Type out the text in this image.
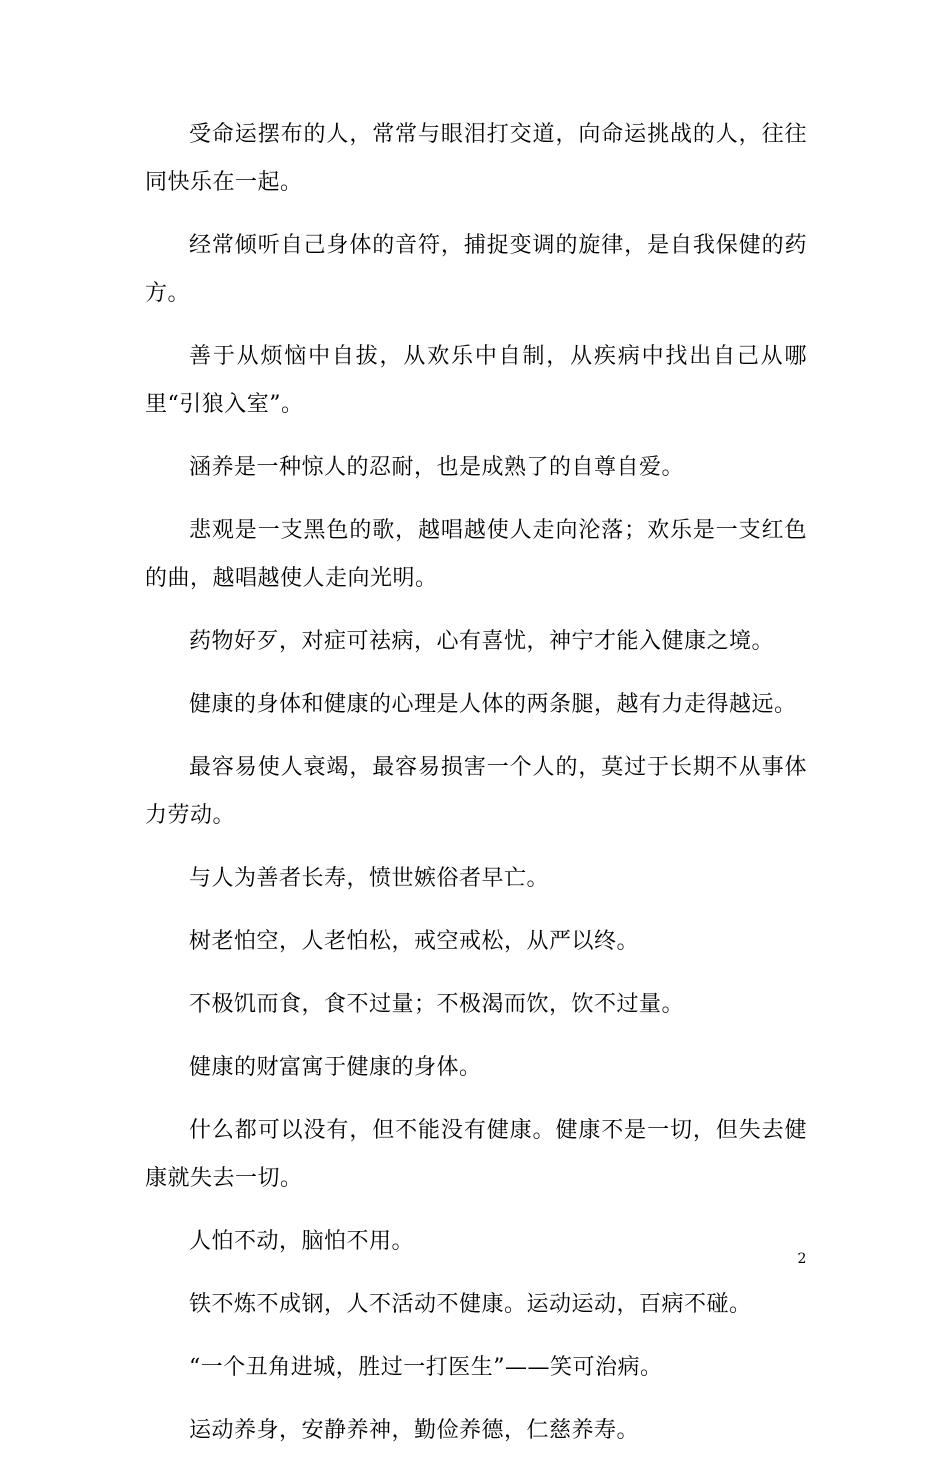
受命运摆布的人，常常与眼泪打交道，向命运挑战的人，往往同快乐在一起。

经常倾听自己身体的音符，捕捉变调的旋律，是自我保健的药方。

善于从烦恼中自拔，从欢乐中自制，从疾病中找出自己从哪里“引狼入室”。

涵养是一种惊人的忍耐，也是成熟了的自尊自爱。

悲观是一支黑色的歌，越唱越使人走向沦落；欢乐是一支红色的曲，越唱越使人走向光明。

药物好歹，对症可祛病，心有喜忧，神宁才能入健康之境。

健康的身体和健康的心理是人体的两条腿，越有力走得越远。

最容易使人衰竭，最容易损害一个人的，莫过于长期不从事体力劳动。

与人为善者长寿，愤世嫉俗者早亡。

树老怕空，人老怕松，戒空戒松，从严以终。

不极饥而食，食不过量；不极渴而饮，饮不过量。

健康的财富寓于健康的身体。

什么都可以没有，但不能没有健康。健康不是一切，但失去健康就失去一切。

人怕不动，脑怕不用。

铁不炼不成钢，人不活动不健康。运动运动，百病不碰。

“一个丑角进城，胜过一打医生”——笑可治病。

运动养身，安静养神，勤俭养德，仁慈养寿。

2
